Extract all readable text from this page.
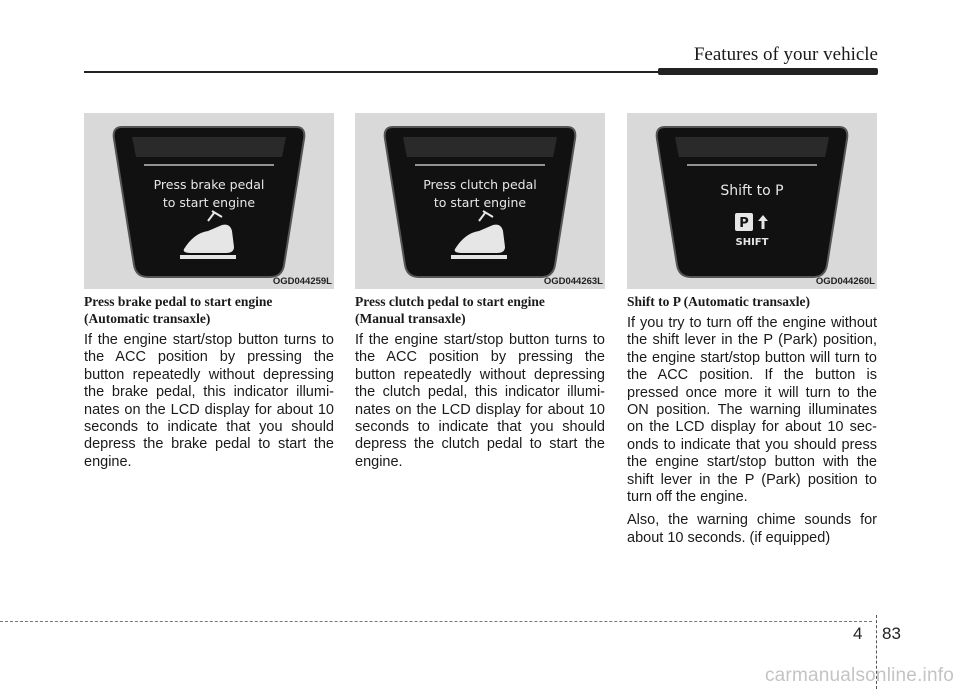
Features of your vehicle
Press brake pedal
to start engine
OGD044259L
Press clutch pedal
to start engine
OGD044263L
Shift to P
P
SHIFT
OGD044260L
Press brake pedal to start engine
(Automatic transaxle)

If the engine start/stop button turns to the ACC position by pressing the button repeatedly without depressing the brake pedal, this indicator illumi-nates on the LCD display for about 10 seconds to indicate that you should depress the brake pedal to start the engine.

Press clutch pedal to start engine
(Manual transaxle)

If the engine start/stop button turns to the ACC position by pressing the button repeatedly without depressing the clutch pedal, this indicator illumi-nates on the LCD display for about 10 seconds to indicate that you should depress the clutch pedal to start the engine.

Shift to P (Automatic transaxle)

If you try to turn off the engine without the shift lever in the P (Park) position, the engine start/stop button will turn to the ACC position. If the button is pressed once more it will turn to the ON position. The warning illuminates on the LCD display for about 10 sec-onds to indicate that you should press the engine start/stop button with the shift lever in the P (Park) position to turn off the engine.

Also, the warning chime sounds for about 10 seconds. (if equipped)

4 83
carmanualsonline.info
